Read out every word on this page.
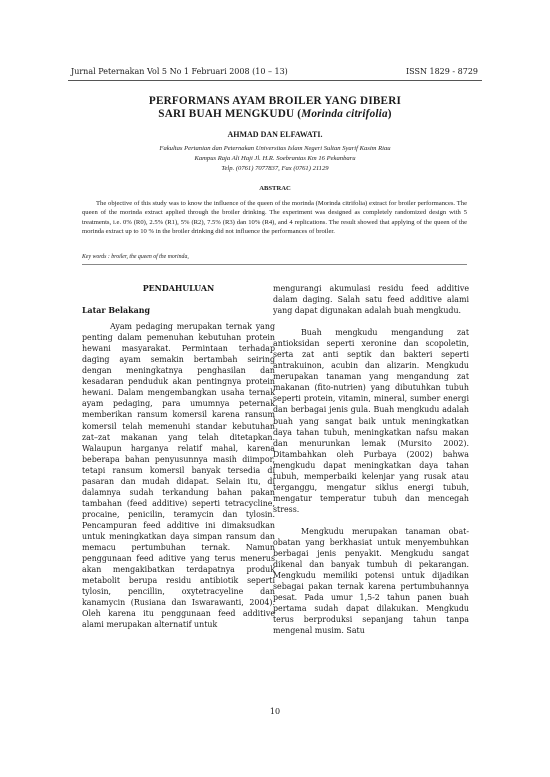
Jurnal Peternakan Vol 5 No 1 Februari 2008 (10 – 13)	ISSN 1829 - 8729
PERFORMANS AYAM BROILER YANG DIBERI
SARI BUAH MENGKUDU (Morinda citrifolia)
AHMAD DAN ELFAWATI.
Fakultas Pertanian dan Peternakan Universitas Islam Negeri Sultan Syarif Kasim Riau
Kampus Raja Ali Haji Jl. H.R. Soebrantas Km 16 Pekanbaru
Telp. (0761) 7077837, Fax (0761) 21129
ABSTRAC

The objective of this study was to know the influence of the queen of the morinda (Morinda citrifolia) extract for broiler performances. The queen of the morinda extract applied through the broiler drinking. The experiment was designed as completely randomized design with 5 treatments, i.e. 0% (R0), 2.5% (R1), 5% (R2), 7.5% (R3) dan 10% (R4), and 4 replications. The result showed that applying of the queen of the morinda extract up to 10 % in the broiler drinking did not influence the performances of broiler.

Key words : broiler, the queen of the morinda,

PENDAHULUAN

Latar Belakang

Ayam pedaging merupakan ternak yang penting dalam pemenuhan kebutuhan protein hewani masyarakat. Permintaan terhadap daging ayam semakin bertambah seiring dengan meningkatnya penghasilan dan kesadaran penduduk akan pentingnya protein hewani. Dalam mengembangkan usaha ternak ayam pedaging, para umumnya peternak memberikan ransum komersil karena ransum komersil telah memenuhi standar kebutuhan zat–zat makanan yang telah ditetapkan. Walaupun harganya relatif mahal, karena beberapa bahan penyusunnya masih diimpor, tetapi ransum komersil banyak tersedia di pasaran dan mudah didapat. Selain itu, di dalamnya sudah terkandung bahan pakan tambahan (feed additive) seperti tetracycline, procaine, penicilin, teramycin dan tylosin. Pencampuran feed additive ini dimaksudkan untuk meningkatkan daya simpan ransum dan memacu pertumbuhan ternak. Namun penggunaan feed aditive yang terus menerus akan mengakibatkan terdapatnya produk metabolit berupa residu antibiotik seperti tylosin, pencillin, oxytetracyeline dan kanamycin (Rusiana dan Iswarawanti, 2004). Oleh karena itu penggunaan feed additive alami merupakan alternatif untuk

mengurangi akumulasi residu feed additive dalam daging. Salah satu feed additive alami yang dapat digunakan adalah buah mengkudu.

Buah mengkudu mengandung zat antioksidan seperti xeronine dan scopoletin, serta zat anti septik dan bakteri seperti antrakuinon, acubin dan alizarin. Mengkudu merupakan tanaman yang mengandung zat makanan (fito-nutrien) yang dibutuhkan tubuh seperti protein, vitamin, mineral, sumber energi dan berbagai jenis gula. Buah mengkudu adalah buah yang sangat baik untuk meningkatkan daya tahan tubuh, meningkatkan nafsu makan dan menurunkan lemak (Mursito 2002). Ditambahkan oleh Purbaya (2002) bahwa mengkudu dapat meningkatkan daya tahan tubuh, memperbaiki kelenjar yang rusak atau terganggu, mengatur siklus energi tubuh, mengatur temperatur tubuh dan mencegah stress.

Mengkudu merupakan tanaman obat-obatan yang berkhasiat untuk menyembuhkan berbagai jenis penyakit. Mengkudu sangat dikenal dan banyak tumbuh di pekarangan. Mengkudu memiliki potensi untuk dijadikan sebagai pakan ternak karena pertumbuhannya pesat. Pada umur 1,5-2 tahun panen buah pertama sudah dapat dilakukan. Mengkudu terus berproduksi sepanjang tahun tanpa mengenal musim. Satu

10
